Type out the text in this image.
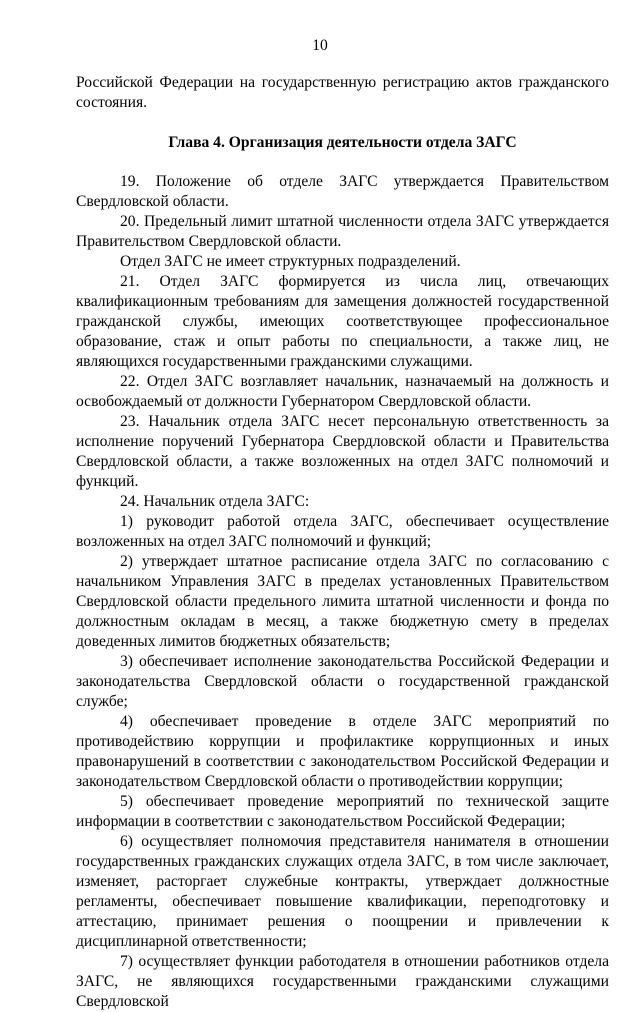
10

Российской Федерации на государственную регистрацию актов гражданского состояния.

Глава 4. Организация деятельности отдела ЗАГС

19. Положение об отделе ЗАГС утверждается Правительством Свердловской области.

20. Предельный лимит штатной численности отдела ЗАГС утверждается Правительством Свердловской области.

Отдел ЗАГС не имеет структурных подразделений.

21. Отдел ЗАГС формируется из числа лиц, отвечающих квалификационным требованиям для замещения должностей государственной гражданской службы, имеющих соответствующее профессиональное образование, стаж и опыт работы по специальности, а также лиц, не являющихся государственными гражданскими служащими.

22. Отдел ЗАГС возглавляет начальник, назначаемый на должность и освобождаемый от должности Губернатором Свердловской области.

23. Начальник отдела ЗАГС несет персональную ответственность за исполнение поручений Губернатора Свердловской области и Правительства Свердловской области, а также возложенных на отдел ЗАГС полномочий и функций.

24. Начальник отдела ЗАГС:

1) руководит работой отдела ЗАГС, обеспечивает осуществление возложенных на отдел ЗАГС полномочий и функций;

2) утверждает штатное расписание отдела ЗАГС по согласованию с начальником Управления ЗАГС в пределах установленных Правительством Свердловской области предельного лимита штатной численности и фонда по должностным окладам в месяц, а также бюджетную смету в пределах доведенных лимитов бюджетных обязательств;

3) обеспечивает исполнение законодательства Российской Федерации и законодательства Свердловской области о государственной гражданской службе;

4) обеспечивает проведение в отделе ЗАГС мероприятий по противодействию коррупции и профилактике коррупционных и иных правонарушений в соответствии с законодательством Российской Федерации и законодательством Свердловской области о противодействии коррупции;

5) обеспечивает проведение мероприятий по технической защите информации в соответствии с законодательством Российской Федерации;

6) осуществляет полномочия представителя нанимателя в отношении государственных гражданских служащих отдела ЗАГС, в том числе заключает, изменяет, расторгает служебные контракты, утверждает должностные регламенты, обеспечивает повышение квалификации, переподготовку и аттестацию, принимает решения о поощрении и привлечении к дисциплинарной ответственности;

7) осуществляет функции работодателя в отношении работников отдела ЗАГС, не являющихся государственными гражданскими служащими Свердловской
